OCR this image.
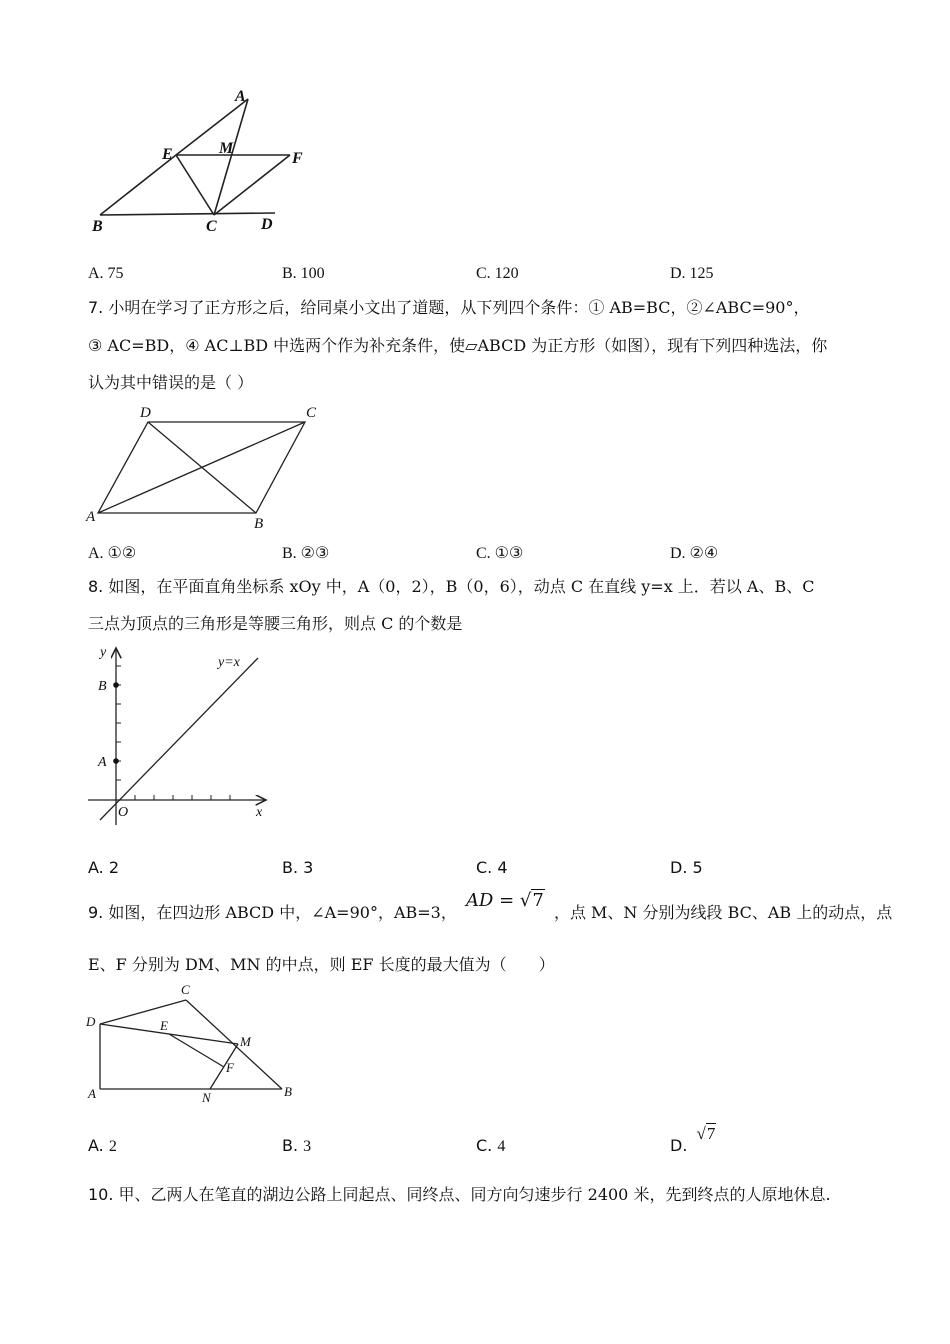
A
E	M
F
B	C	D
A. 75	B. 100	C. 120	D. 125
7. 小明在学习了正方形之后，给同桌小文出了道题，从下列四个条件：① AB=BC，②∠ABC=90°，
③ AC=BD，④ AC⊥BD 中选两个作为补充条件，使▱ABCD 为正方形（如图），现有下列四种选法，你
认为其中错误的是（ ）
D	C
A	B
A. ①②	B. ②③	C. ①③	D. ②④
8. 如图，在平面直角坐标系 xOy 中，A（0，2），B（0，6），动点 C 在直线 y=x 上．若以 A、B、C
三点为顶点的三角形是等腰三角形，则点 C 的个数是
y
y=x
B
A
O	x
A. 2	B. 3	C. 4	D. 5
9. 如图，在四边形 ABCD 中，∠A=90°，AB=3， AD = √7 ，点 M、N 分别为线段 BC、AB 上的动点，点
E、F 分别为 DM、MN 的中点，则 EF 长度的最大值为（　　）
C
D	E
M
F
A	N	B
A. 2	B. 3	C. 4	D. √7
10. 甲、乙两人在笔直的湖边公路上同起点、同终点、同方向匀速步行 2400 米，先到终点的人原地休息.
